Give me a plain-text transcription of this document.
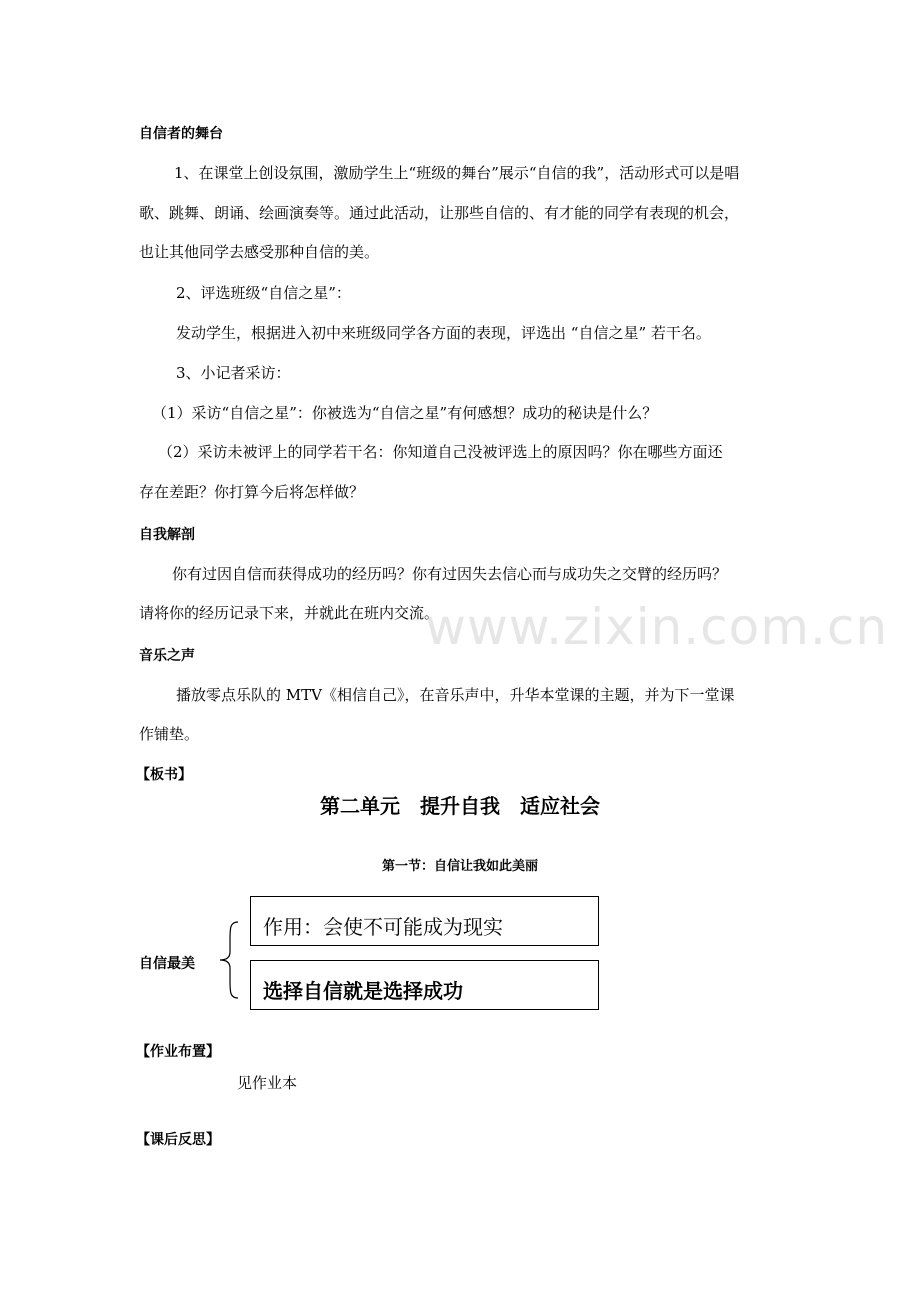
自信者的舞台
1、在课堂上创设氛围，激励学生上“班级的舞台”展示“自信的我”，活动形式可以是唱
歌、跳舞、朗诵、绘画演奏等。通过此活动，让那些自信的、有才能的同学有表现的机会，
也让其他同学去感受那种自信的美。
2、评选班级“自信之星”：
发动学生，根据进入初中来班级同学各方面的表现，评选出 “自信之星” 若干名。
3、小记者采访：
（1）采访“自信之星”：你被选为“自信之星”有何感想？成功的秘诀是什么？
（2）采访未被评上的同学若干名：你知道自己没被评选上的原因吗？你在哪些方面还
存在差距？你打算今后将怎样做？
自我解剖
你有过因自信而获得成功的经历吗？你有过因失去信心而与成功失之交臂的经历吗？
请将你的经历记录下来，并就此在班内交流。
音乐之声
播放零点乐队的 MTV《相信自己》，在音乐声中，升华本堂课的主题，并为下一堂课
作铺垫。
【板书】
第二单元　提升自我　适应社会
第一节：自信让我如此美丽
自信最美
作用：会使不可能成为现实
选择自信就是选择成功
【作业布置】
见作业本
【课后反思】
www.zixin.com.cn
